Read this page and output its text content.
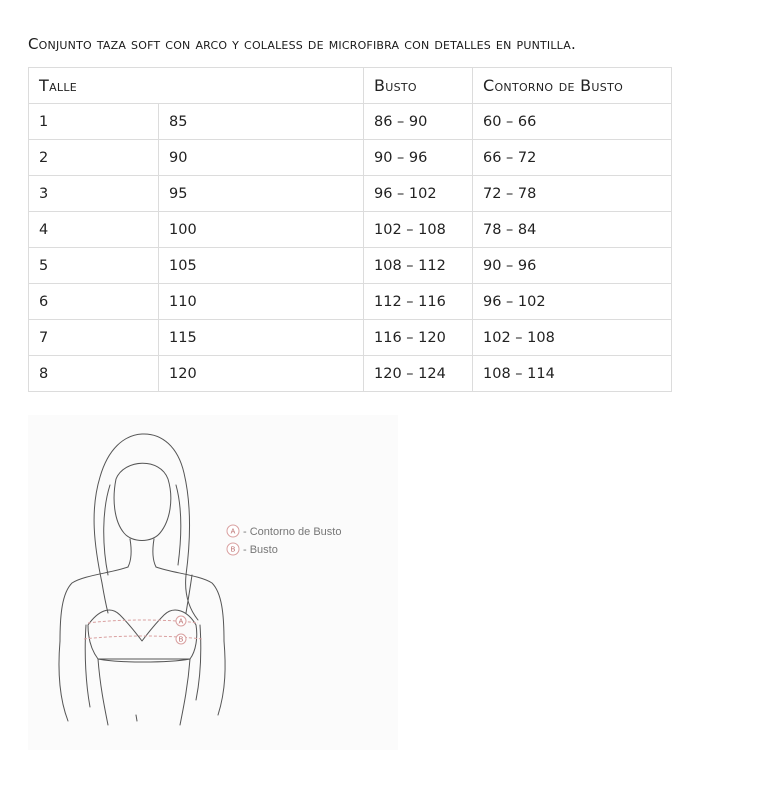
Conjunto taza soft con arco y colaless de microfibra con detalles en puntilla.
Talle		Busto	Contorno de Busto
1	85	86 – 90	60 – 66
2	90	90 – 96	66 – 72
3	95	96 – 102	72 – 78
4	100	102 – 108	78 – 84
5	105	108 – 112	90 – 96
6	110	112 – 116	96 – 102
7	115	116 – 120	102 – 108
8	120	120 – 124	108 – 114
A
B
A - Contorno de Busto
B - Busto
